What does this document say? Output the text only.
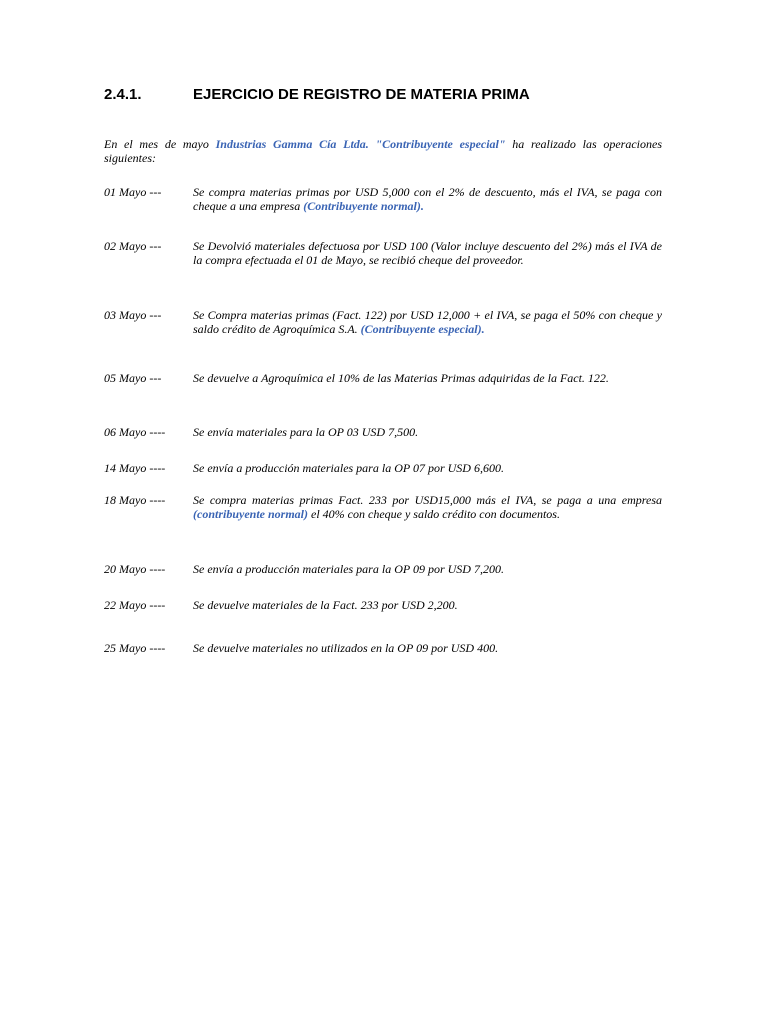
2.4.1.	EJERCICIO DE REGISTRO DE MATERIA PRIMA
En el mes de mayo Industrias Gamma Cía Ltda. "Contribuyente especial" ha realizado las operaciones siguientes:
01 Mayo ---	Se compra materias primas por USD 5,000 con el 2% de descuento, más el IVA, se paga con cheque a una empresa (Contribuyente normal).
02 Mayo ---	Se Devolvió materiales defectuosa por USD 100 (Valor incluye descuento del 2%) más el IVA de la compra efectuada el 01 de Mayo, se recibió cheque del proveedor.
03 Mayo ---	Se Compra materias primas (Fact. 122) por USD 12,000 + el IVA, se paga el 50% con cheque y saldo crédito de Agroquímica S.A. (Contribuyente especial).
05 Mayo ---	Se devuelve a Agroquímica el 10% de las Materias Primas adquiridas de la Fact. 122.
06 Mayo ----	Se envía materiales para la OP 03 USD 7,500.
14 Mayo ----	Se envía a producción materiales para la OP 07 por USD 6,600.
18 Mayo ----	Se compra materias primas Fact. 233 por USD15,000 más el IVA, se paga a una empresa (contribuyente normal) el 40% con cheque y saldo crédito con documentos.
20 Mayo ----	Se envía a producción materiales para la OP 09 por USD 7,200.
22 Mayo ----	Se devuelve materiales de la Fact. 233 por USD 2,200.
25 Mayo ----	Se devuelve materiales no utilizados en la OP 09 por USD 400.
